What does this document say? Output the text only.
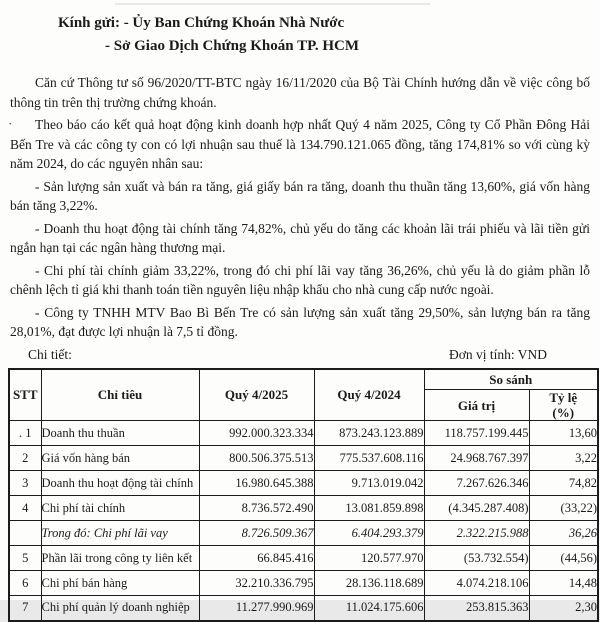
·
Kính gửi: - Ủy Ban Chứng Khoán Nhà Nước
- Sở Giao Dịch Chứng Khoán TP. HCM

Căn cứ Thông tư số 96/2020/TT-BTC ngày 16/11/2020 của Bộ Tài Chính hướng dẫn về việc công bố thông tin trên thị trường chứng khoán.

Theo báo cáo kết quả hoạt động kinh doanh hợp nhất Quý 4 năm 2025, Công ty Cổ Phần Đông Hải Bến Tre và các công ty con có lợi nhuận sau thuế là 134.790.121.065 đồng, tăng 174,81% so với cùng kỳ năm 2024, do các nguyên nhân sau:

- Sản lượng sản xuất và bán ra tăng, giá giấy bán ra tăng, doanh thu thuần tăng 13,60%, giá vốn hàng bán tăng 3,22%.

- Doanh thu hoạt động tài chính tăng 74,82%, chủ yếu do tăng các khoản lãi trái phiếu và lãi tiền gửi ngắn hạn tại các ngân hàng thương mại.

- Chi phí tài chính giảm 33,22%, trong đó chi phí lãi vay tăng 36,26%, chủ yếu là do giảm phần lỗ chênh lệch tỉ giá khi thanh toán tiền nguyên liệu nhập khẩu cho nhà cung cấp nước ngoài.

- Công ty TNHH MTV Bao Bì Bến Tre có sản lượng sản xuất tăng 29,50%, sản lượng bán ra tăng 28,01%, đạt được lợi nhuận là 7,5 tỉ đồng.

Chi tiết:	Đơn vị tính: VND
STT	Chỉ tiêu	Quý 4/2025	Quý 4/2024	So sánh	
				Giá trị	Tỷ lệ
(%)

. 1	Doanh thu thuần	992.000.323.334	873.243.123.889	118.757.199.445	13,60
2	Giá vốn hàng bán	800.506.375.513	775.537.608.116	24.968.767.397	3,22
3	Doanh thu hoạt động tài chính	16.980.645.388	9.713.019.042	7.267.626.346	74,82
4	Chi phí tài chính	8.736.572.490	13.081.859.898	(4.345.287.408)	(33,22)
	Trong đó: Chi phí lãi vay	8.726.509.367	6.404.293.379	2.322.215.988	36,26
5	Phần lãi trong công ty liên kết	66.845.416	120.577.970	(53.732.554)	(44,56)
6	Chi phí bán hàng	32.210.336.795	28.136.118.689	4.074.218.106	14,48
7	Chi phí quản lý doanh nghiệp	11.277.990.969	11.024.175.606	253.815.363	2,30
